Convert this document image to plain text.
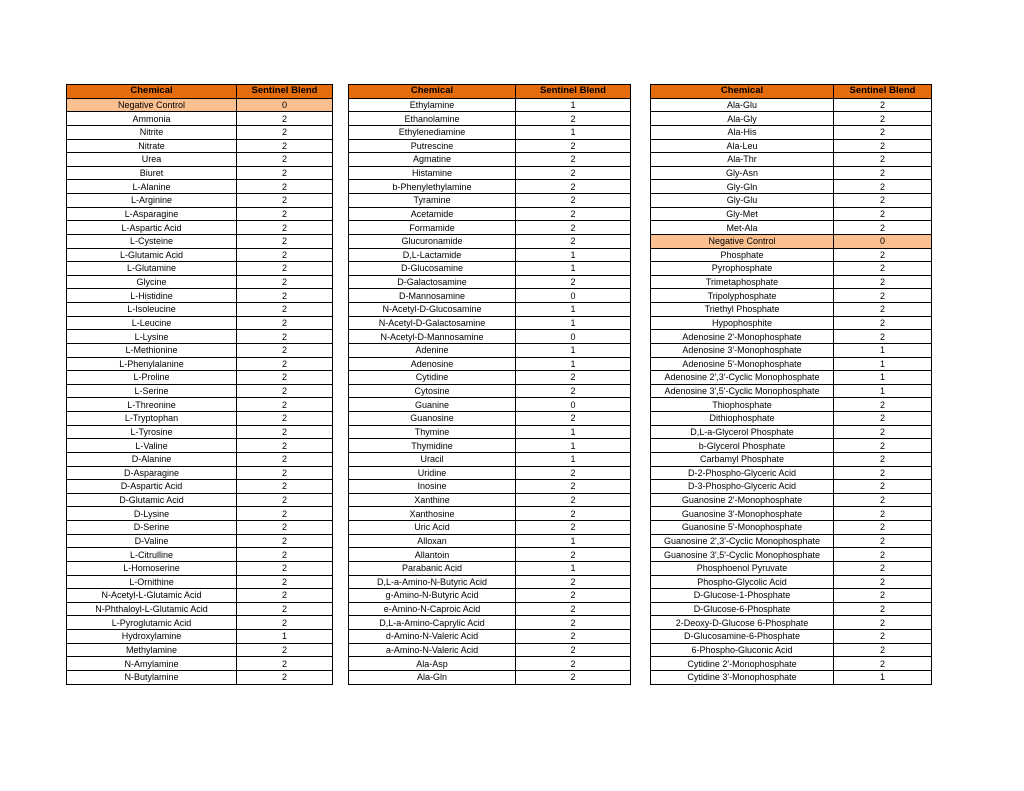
Chemical	Sentinel Blend
Negative Control	0
Ammonia	2
Nitrite	2
Nitrate	2
Urea	2
Biuret	2
L-Alanine	2
L-Arginine	2
L-Asparagine	2
L-Aspartic Acid	2
L-Cysteine	2
L-Glutamic Acid	2
L-Glutamine	2
Glycine	2
L-Histidine	2
L-Isoleucine	2
L-Leucine	2
L-Lysine	2
L-Methionine	2
L-Phenylalanine	2
L-Proline	2
L-Serine	2
L-Threonine	2
L-Tryptophan	2
L-Tyrosine	2
L-Valine	2
D-Alanine	2
D-Asparagine	2
D-Aspartic Acid	2
D-Glutamic Acid	2
D-Lysine	2
D-Serine	2
D-Valine	2
L-Citrulline	2
L-Homoserine	2
L-Ornithine	2
N-Acetyl-L-Glutamic Acid	2
N-Phthaloyl-L-Glutamic Acid	2
L-Pyroglutamic Acid	2
Hydroxylamine	1
Methylamine	2
N-Amylamine	2
N-Butylamine	2
Chemical	Sentinel Blend
Ethylamine	1
Ethanolamine	2
Ethylenediamine	1
Putrescine	2
Agmatine	2
Histamine	2
b-Phenylethylamine	2
Tyramine	2
Acetamide	2
Formamide	2
Glucuronamide	2
D,L-Lactamide	1
D-Glucosamine	1
D-Galactosamine	2
D-Mannosamine	0
N-Acetyl-D-Glucosamine	1
N-Acetyl-D-Galactosamine	1
N-Acetyl-D-Mannosamine	0
Adenine	1
Adenosine	1
Cytidine	2
Cytosine	2
Guanine	0
Guanosine	2
Thymine	1
Thymidine	1
Uracil	1
Uridine	2
Inosine	2
Xanthine	2
Xanthosine	2
Uric Acid	2
Alloxan	1
Allantoin	2
Parabanic Acid	1
D,L-a-Amino-N-Butyric Acid	2
g-Amino-N-Butyric Acid	2
e-Amino-N-Caproic Acid	2
D,L-a-Amino-Caprylic Acid	2
d-Amino-N-Valeric Acid	2
a-Amino-N-Valeric Acid	2
Ala-Asp	2
Ala-Gln	2
Chemical	Sentinel Blend
Ala-Glu	2
Ala-Gly	2
Ala-His	2
Ala-Leu	2
Ala-Thr	2
Gly-Asn	2
Gly-Gln	2
Gly-Glu	2
Gly-Met	2
Met-Ala	2
Negative Control	0
Phosphate	2
Pyrophosphate	2
Trimetaphosphate	2
Tripolyphosphate	2
Triethyl Phosphate	2
Hypophosphite	2
Adenosine 2'-Monophosphate	2
Adenosine 3'-Monophosphate	1
Adenosine 5'-Monophosphate	1
Adenosine 2',3'-Cyclic Monophosphate	1
Adenosine 3',5'-Cyclic Monophosphate	1
Thiophosphate	2
Dithiophosphate	2
D,L-a-Glycerol Phosphate	2
b-Glycerol Phosphate	2
Carbamyl Phosphate	2
D-2-Phospho-Glyceric Acid	2
D-3-Phospho-Glyceric Acid	2
Guanosine 2'-Monophosphate	2
Guanosine 3'-Monophosphate	2
Guanosine 5'-Monophosphate	2
Guanosine 2',3'-Cyclic Monophosphate	2
Guanosine 3',5'-Cyclic Monophosphate	2
Phosphoenol Pyruvate	2
Phospho-Glycolic Acid	2
D-Glucose-1-Phosphate	2
D-Glucose-6-Phosphate	2
2-Deoxy-D-Glucose 6-Phosphate	2
D-Glucosamine-6-Phosphate	2
6-Phospho-Gluconic Acid	2
Cytidine 2'-Monophosphate	2
Cytidine 3'-Monophosphate	1
